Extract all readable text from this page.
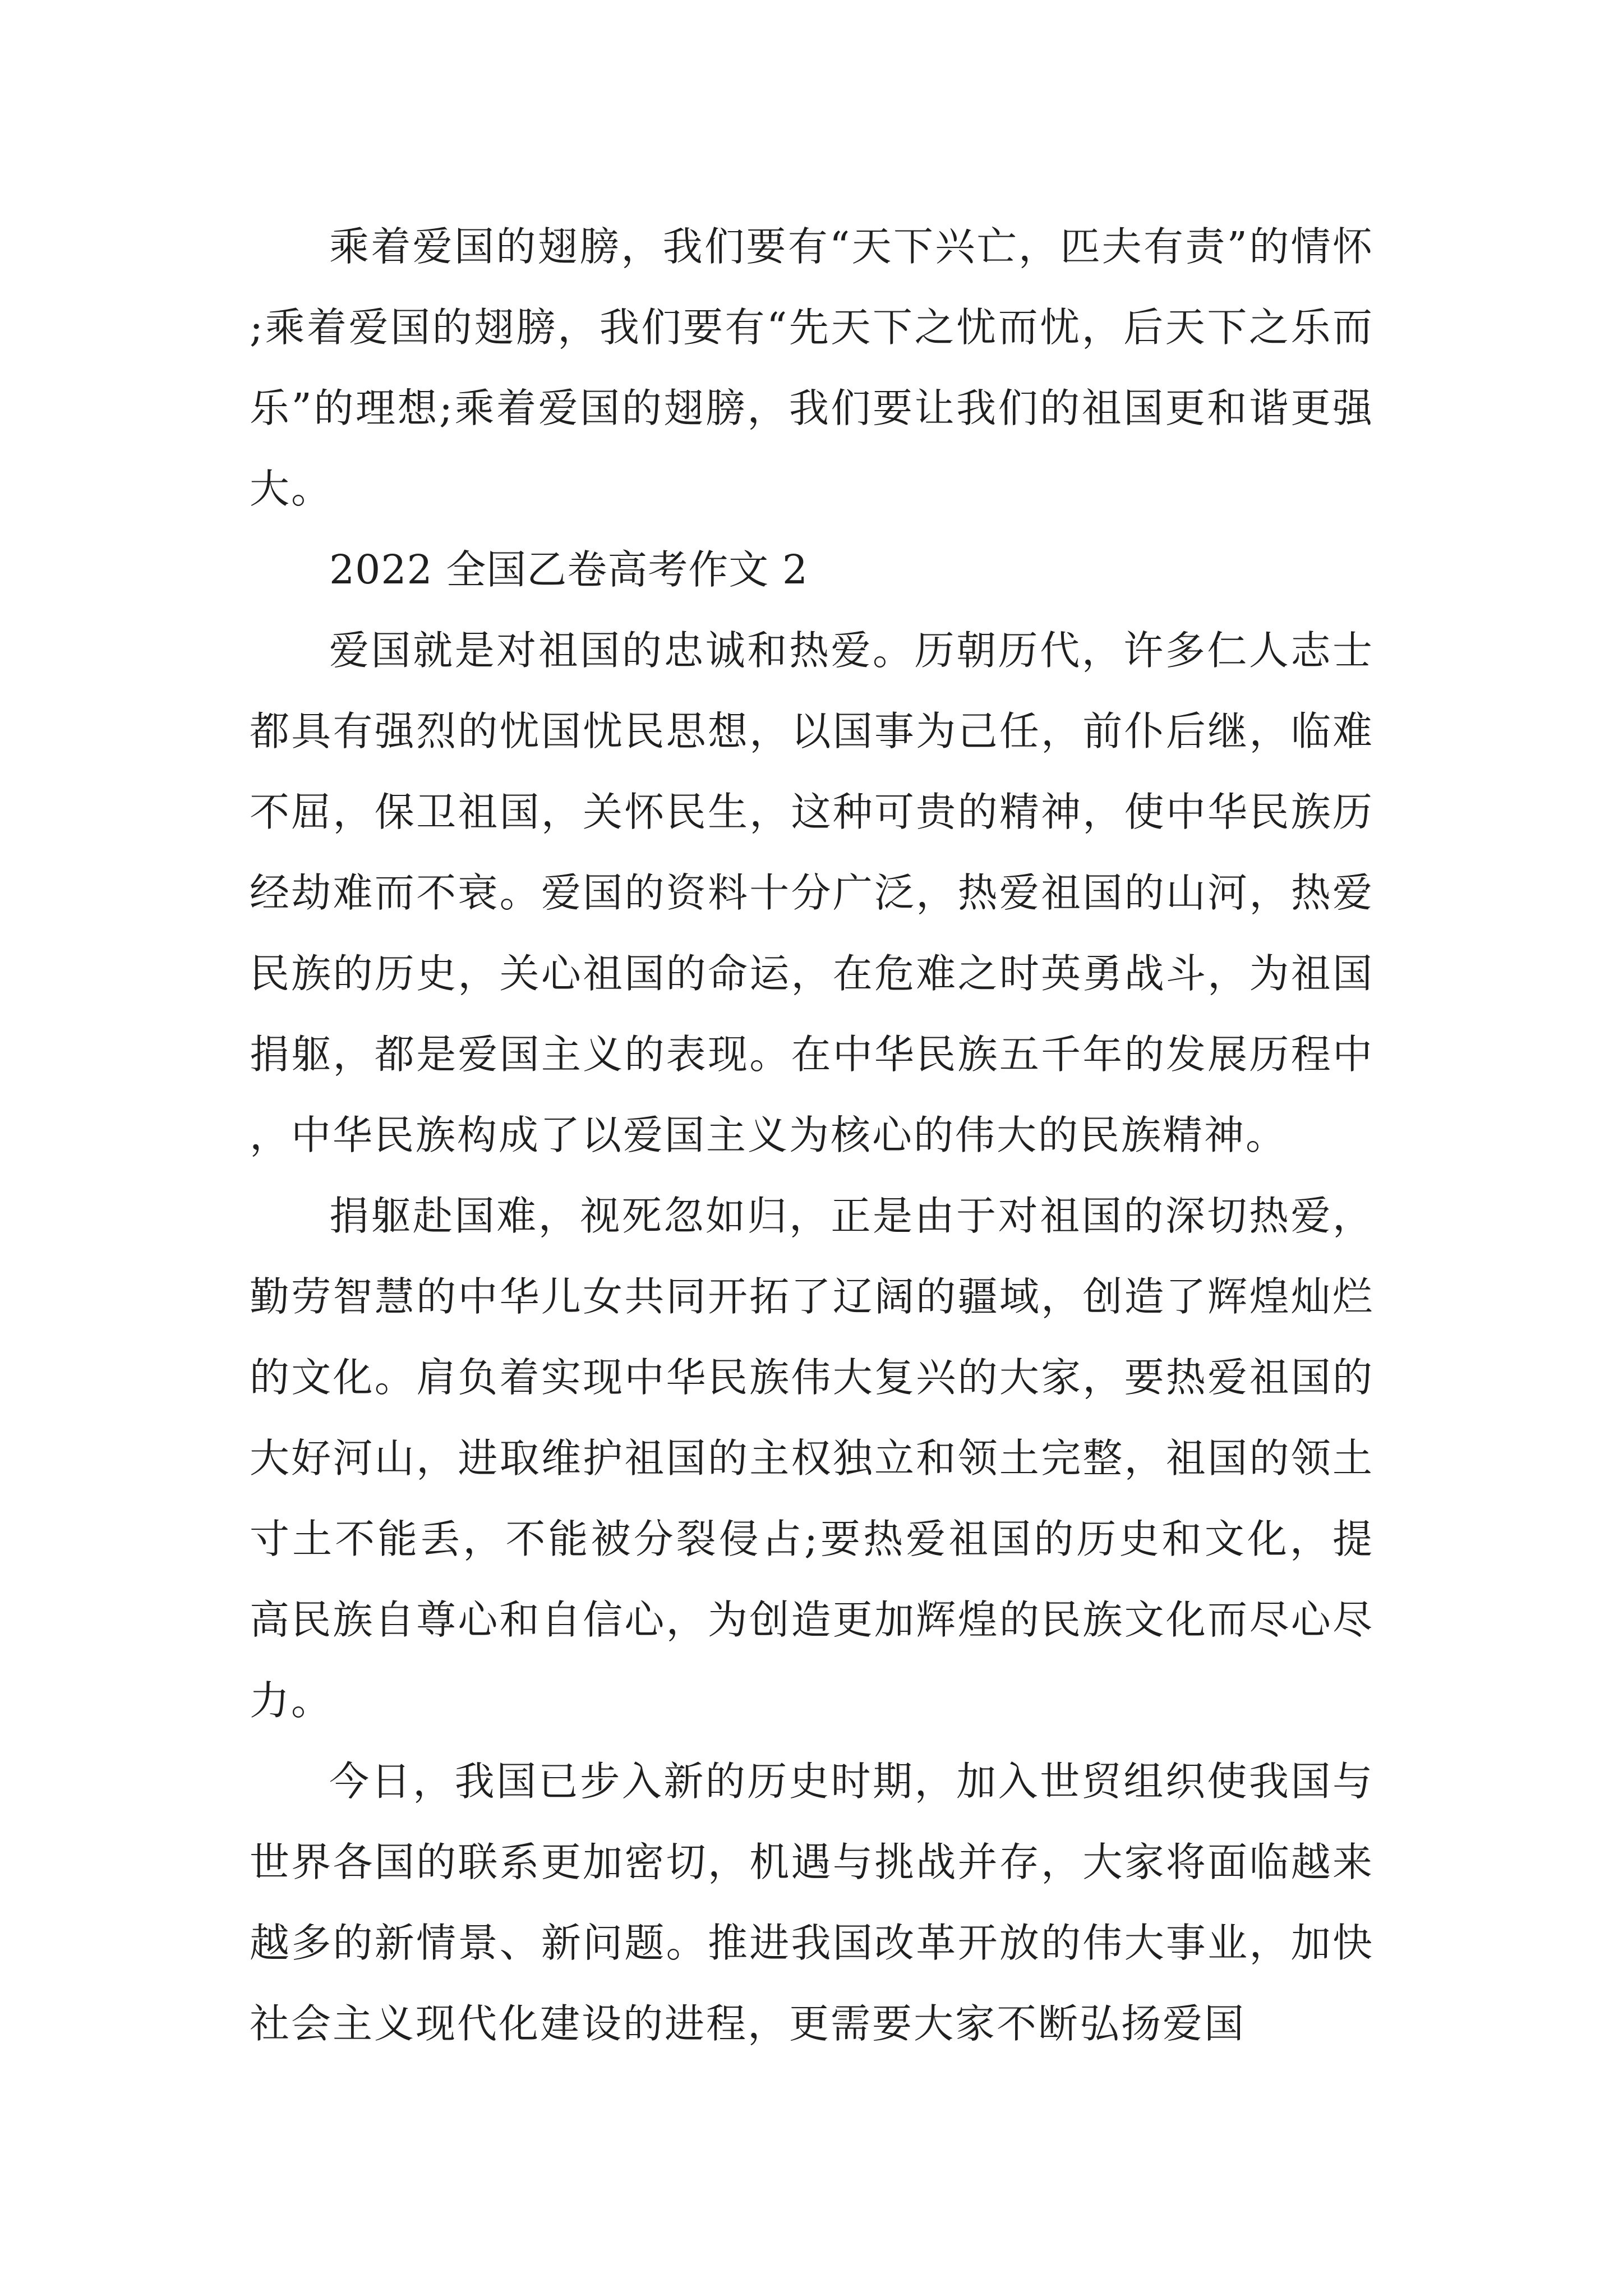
乘着爱国的翅膀，我们要有“天下兴亡，匹夫有责”的情怀;乘着爱国的翅膀，我们要有“先天下之忧而忧，后天下之乐而乐”的理想;乘着爱国的翅膀，我们要让我们的祖国更和谐更强大。

2022 全国乙卷高考作文 2

爱国就是对祖国的忠诚和热爱。历朝历代，许多仁人志士都具有强烈的忧国忧民思想，以国事为己任，前仆后继，临难不屈，保卫祖国，关怀民生，这种可贵的精神，使中华民族历经劫难而不衰。爱国的资料十分广泛，热爱祖国的山河，热爱民族的历史，关心祖国的命运，在危难之时英勇战斗，为祖国捐躯，都是爱国主义的表现。在中华民族五千年的发展历程中，中华民族构成了以爱国主义为核心的伟大的民族精神。

捐躯赴国难，视死忽如归，正是由于对祖国的深切热爱，勤劳智慧的中华儿女共同开拓了辽阔的疆域，创造了辉煌灿烂的文化。肩负着实现中华民族伟大复兴的大家，要热爱祖国的大好河山，进取维护祖国的主权独立和领土完整，祖国的领土寸土不能丢，不能被分裂侵占;要热爱祖国的历史和文化，提高民族自尊心和自信心，为创造更加辉煌的民族文化而尽心尽力。

今日，我国已步入新的历史时期，加入世贸组织使我国与世界各国的联系更加密切，机遇与挑战并存，大家将面临越来越多的新情景、新问题。推进我国改革开放的伟大事业，加快社会主义现代化建设的进程，更需要大家不断弘扬爱国
